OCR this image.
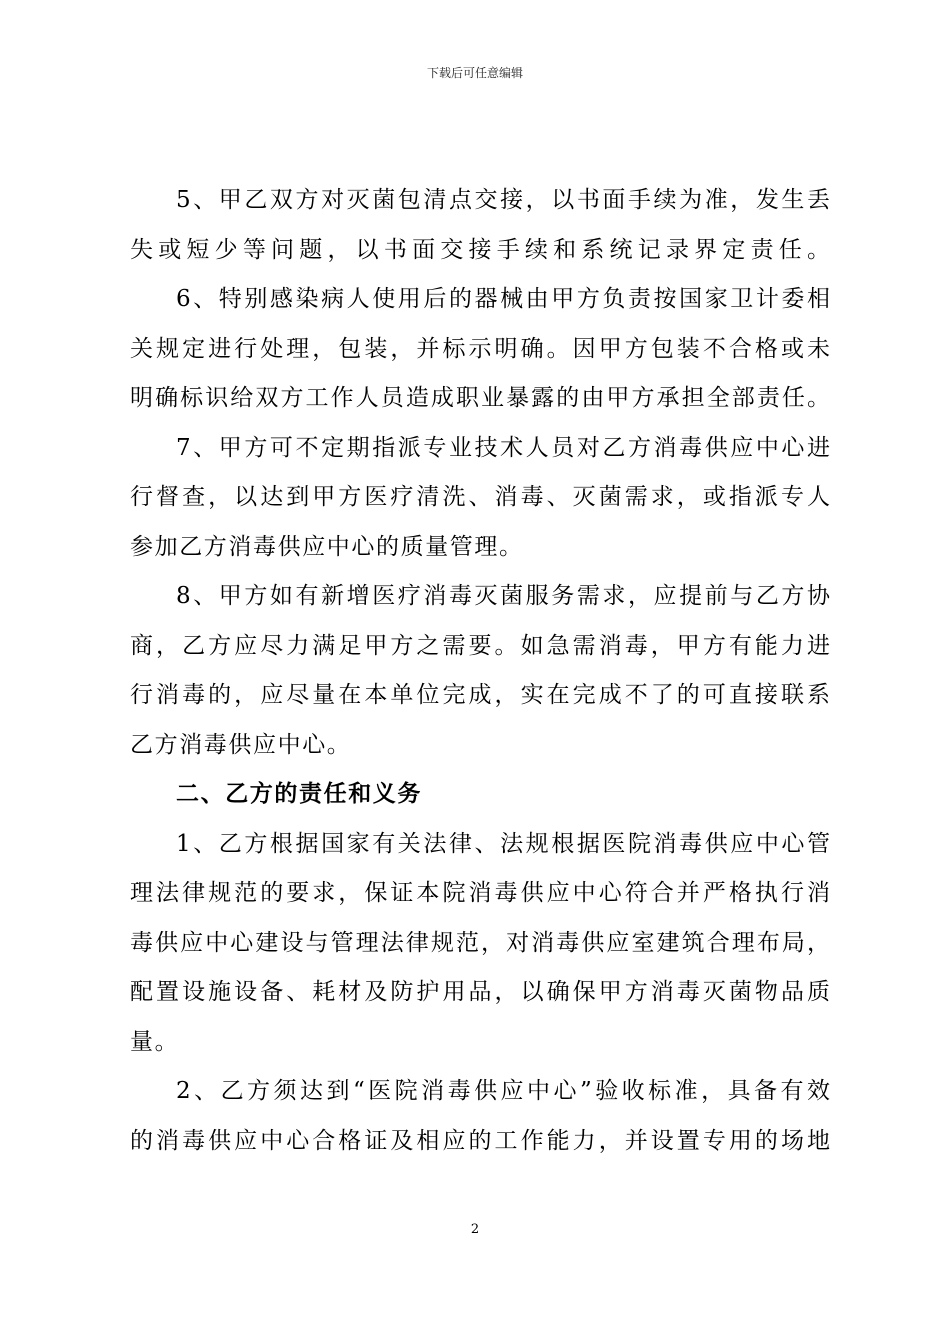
下载后可任意编辑
5、甲乙双方对灭菌包清点交接，以书面手续为准，发生丢
失或短少等问题，以书面交接手续和系统记录界定责任。
6、特别感染病人使用后的器械由甲方负责按国家卫计委相
关规定进行处理，包装，并标示明确。因甲方包装不合格或未
明确标识给双方工作人员造成职业暴露的由甲方承担全部责任。
7、甲方可不定期指派专业技术人员对乙方消毒供应中心进
行督查，以达到甲方医疗清洗、消毒、灭菌需求，或指派专人
参加乙方消毒供应中心的质量管理。
8、甲方如有新增医疗消毒灭菌服务需求，应提前与乙方协
商，乙方应尽力满足甲方之需要。如急需消毒，甲方有能力进
行消毒的，应尽量在本单位完成，实在完成不了的可直接联系
乙方消毒供应中心。
二、乙方的责任和义务
1、乙方根据国家有关法律、法规根据医院消毒供应中心管
理法律规范的要求，保证本院消毒供应中心符合并严格执行消
毒供应中心建设与管理法律规范，对消毒供应室建筑合理布局，
配置设施设备、耗材及防护用品，以确保甲方消毒灭菌物品质
量。
2、乙方须达到“医院消毒供应中心”验收标准，具备有效
的消毒供应中心合格证及相应的工作能力，并设置专用的场地
2
